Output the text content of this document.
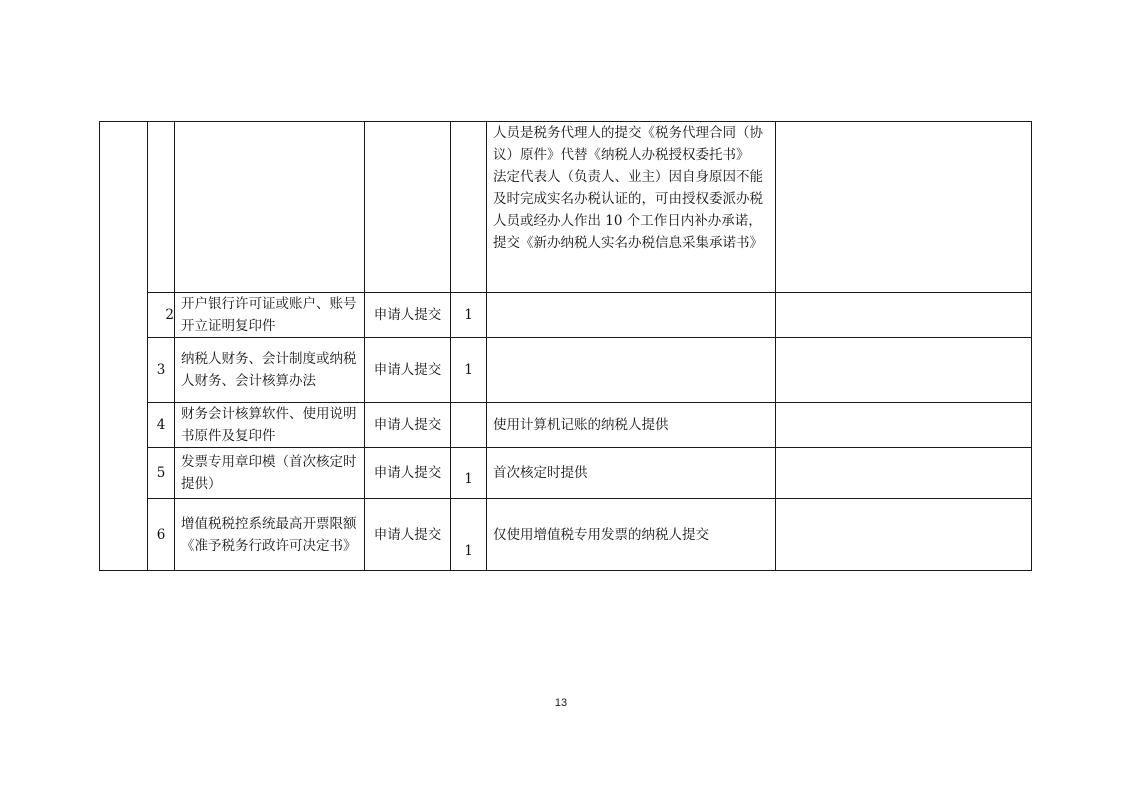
					人员是税务代理人的提交《税务代理合同（协议）原件》代替《纳税人办税授权委托书》
法定代表人（负责人、业主）因自身原因不能及时完成实名办税认证的，可由授权委派办税人员或经办人作出 10 个工作日内补办承诺，提交《新办纳税人实名办税信息采集承诺书》	

	2	开户银行许可证或账户、账号开立证明复印件	申请人提交	1		
	3	纳税人财务、会计制度或纳税人财务、会计核算办法	申请人提交	1		
	4	财务会计核算软件、使用说明书原件及复印件	申请人提交		使用计算机记账的纳税人提供	
	5	发票专用章印模（首次核定时提供）	申请人提交	1	首次核定时提供	
	6	增值税税控系统最高开票限额《准予税务行政许可决定书》	申请人提交	1	仅使用增值税专用发票的纳税人提交	
13
